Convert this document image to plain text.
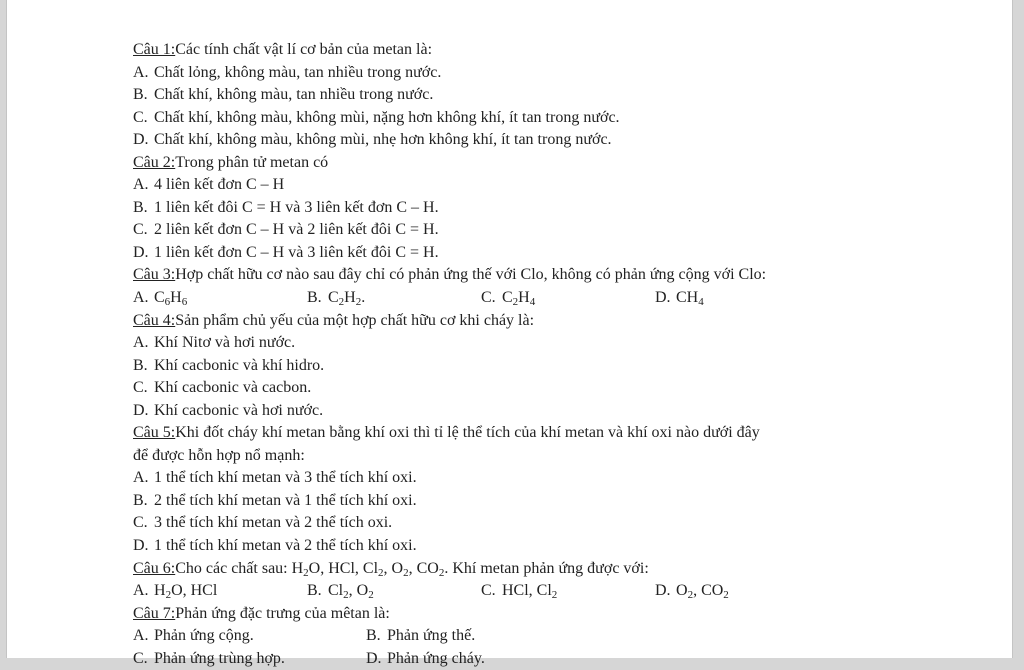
Câu 1:Các tính chất vật lí cơ bản của metan là:
A. Chất lỏng, không màu, tan nhiều trong nước.
B. Chất khí, không màu, tan nhiều trong nước.
C. Chất khí, không màu, không mùi, nặng hơn không khí, ít tan trong nước.
D. Chất khí, không màu, không mùi, nhẹ hơn không khí, ít tan trong nước.
Câu 2:Trong phân tử metan có
A. 4 liên kết đơn C – H
B. 1 liên kết đôi C = H và 3 liên kết đơn C – H.
C. 2 liên kết đơn C – H và 2 liên kết đôi C = H.
D. 1 liên kết đơn C – H và 3 liên kết đôi C = H.
Câu 3:Hợp chất hữu cơ nào sau đây chỉ có phản ứng thế với Clo, không có phản ứng cộng với Clo:
A. $C_6H_6$	B. $C_2H_2$.	C. $C_2H_4$	D. $CH_4$
Câu 4:Sản phẩm chủ yếu của một hợp chất hữu cơ khi cháy là:
A. Khí Nitơ và hơi nước.
B. Khí cacbonic và khí hidro.
C. Khí cacbonic và cacbon.
D. Khí cacbonic và hơi nước.
Câu 5:Khi đốt cháy khí metan bằng khí oxi thì tỉ lệ thể tích của khí metan và khí oxi nào dưới đây
để được hỗn hợp nổ mạnh:
A. 1 thể tích khí metan và 3 thể tích khí oxi.
B. 2 thể tích khí metan và 1 thể tích khí oxi.
C. 3 thể tích khí metan và 2 thể tích oxi.
D. 1 thể tích khí metan và 2 thể tích khí oxi.
Câu 6:Cho các chất sau: $H_2O$, HCl, $Cl_2$, $O_2$, $CO_2$. Khí metan phản ứng được với:
A. $H_2O$, HCl	B. $Cl_2$, $O_2$	C. HCl, $Cl_2$	D. $O_2$, $CO_2$
Câu 7:Phản ứng đặc trưng của mêtan là:
A. Phản ứng cộng.	B. Phản ứng thế.
C. Phản ứng trùng hợp.	D. Phản ứng cháy.
